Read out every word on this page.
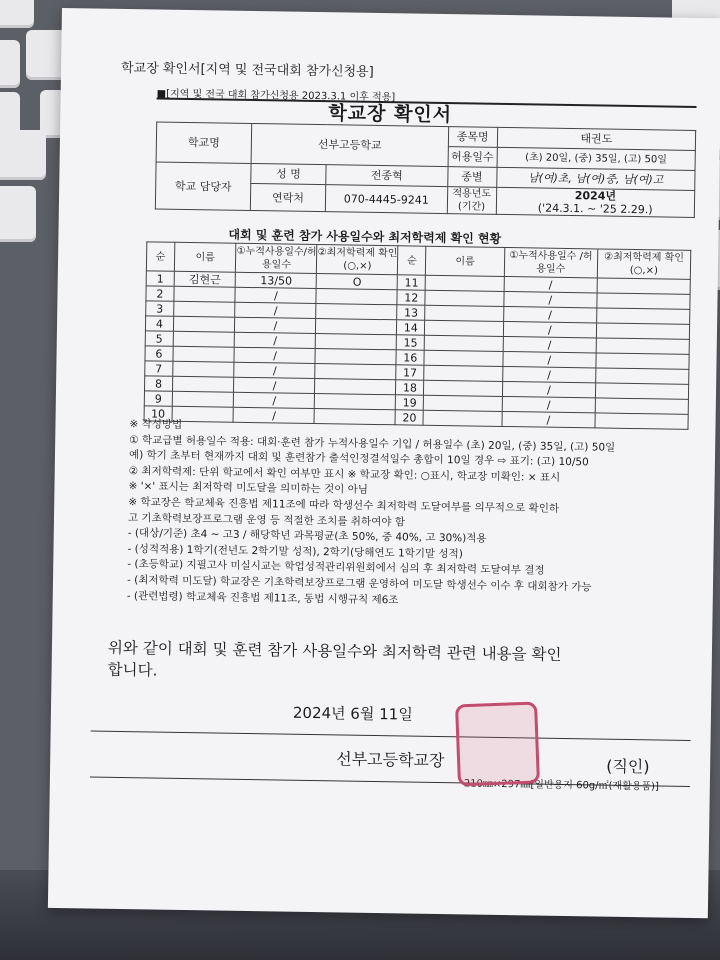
학교장 확인서[지역 및 전국대회 참가신청용]
■[지역 및 전국 대회 참가신청용 2023.3.1 이후 적용]
학교장 확인서
학교명	선부고등학교		종목명	태권도
			허용일수	(초) 20일, (중) 35일, (고) 50일
학교 담당자	성 명	전종혁	종별	남(여)초, 남(여)중, 남(여)고
	연락처	070-4445-9241	적용년도 (기간)	2024년
('24.3.1. ~ '25 2.29.)
대회 및 훈련 참가 사용일수와 최저학력제 확인 현황
순	이름	①누적사용일수/허용일수	②최저학력제 확인(○,×)	순	이름	①누적사용일수 /허용일수	②최저학력제 확인(○,×)
1	김현근	13/50	O	11		/	
2		/		12		/	
3		/		13		/	
4		/		14		/	
5		/		15		/	
6		/		16		/	
7		/		17		/	
8		/		18		/	
9		/		19		/	
10		/		20		/	
※ 작성방법
① 학교급별 허용일수 적용: 대회·훈련 참가 누적사용일수 기입 / 허용일수 (초) 20일, (중) 35일, (고) 50일
예) 학기 초부터 현재까지 대회 및 훈련참가 출석인정결석일수 총합이 10일 경우 ⇨ 표기: (고) 10/50
② 최저학력제: 단위 학교에서 확인 여부만 표시 ※ 학교장 확인: ○표시, 학교장 미확인: × 표시
※ '×' 표시는 최저학력 미도달을 의미하는 것이 아님
※ 학교장은 학교체육 진흥법 제11조에 따라 학생선수 최저학력 도달여부를 의무적으로 확인하
고 기초학력보장프로그램 운영 등 적절한 조치를 취하여야 함
- (대상/기준) 초4 ~ 고3 / 해당학년 과목평균(초 50%, 중 40%, 고 30%)적용
- (성적적용) 1학기(전년도 2학기말 성적), 2학기(당해연도 1학기말 성적)
- (초등학교) 지필고사 미실시교는 학업성적관리위원회에서 심의 후 최저학력 도달여부 결정
- (최저학력 미도달) 학교장은 기초학력보장프로그램 운영하여 미도달 학생선수 이수 후 대회참가 가능
- (관련법령) 학교체육 진흥법 제11조, 동법 시행규칙 제6조
위와 같이 대회 및 훈련 참가 사용일수와 최저학력 관련 내용을 확인
합니다.
2024년 6월 11일
선부고등학교장	(직인)
210㎜×297㎜[일반용지 60g/㎡(재활용품)]
